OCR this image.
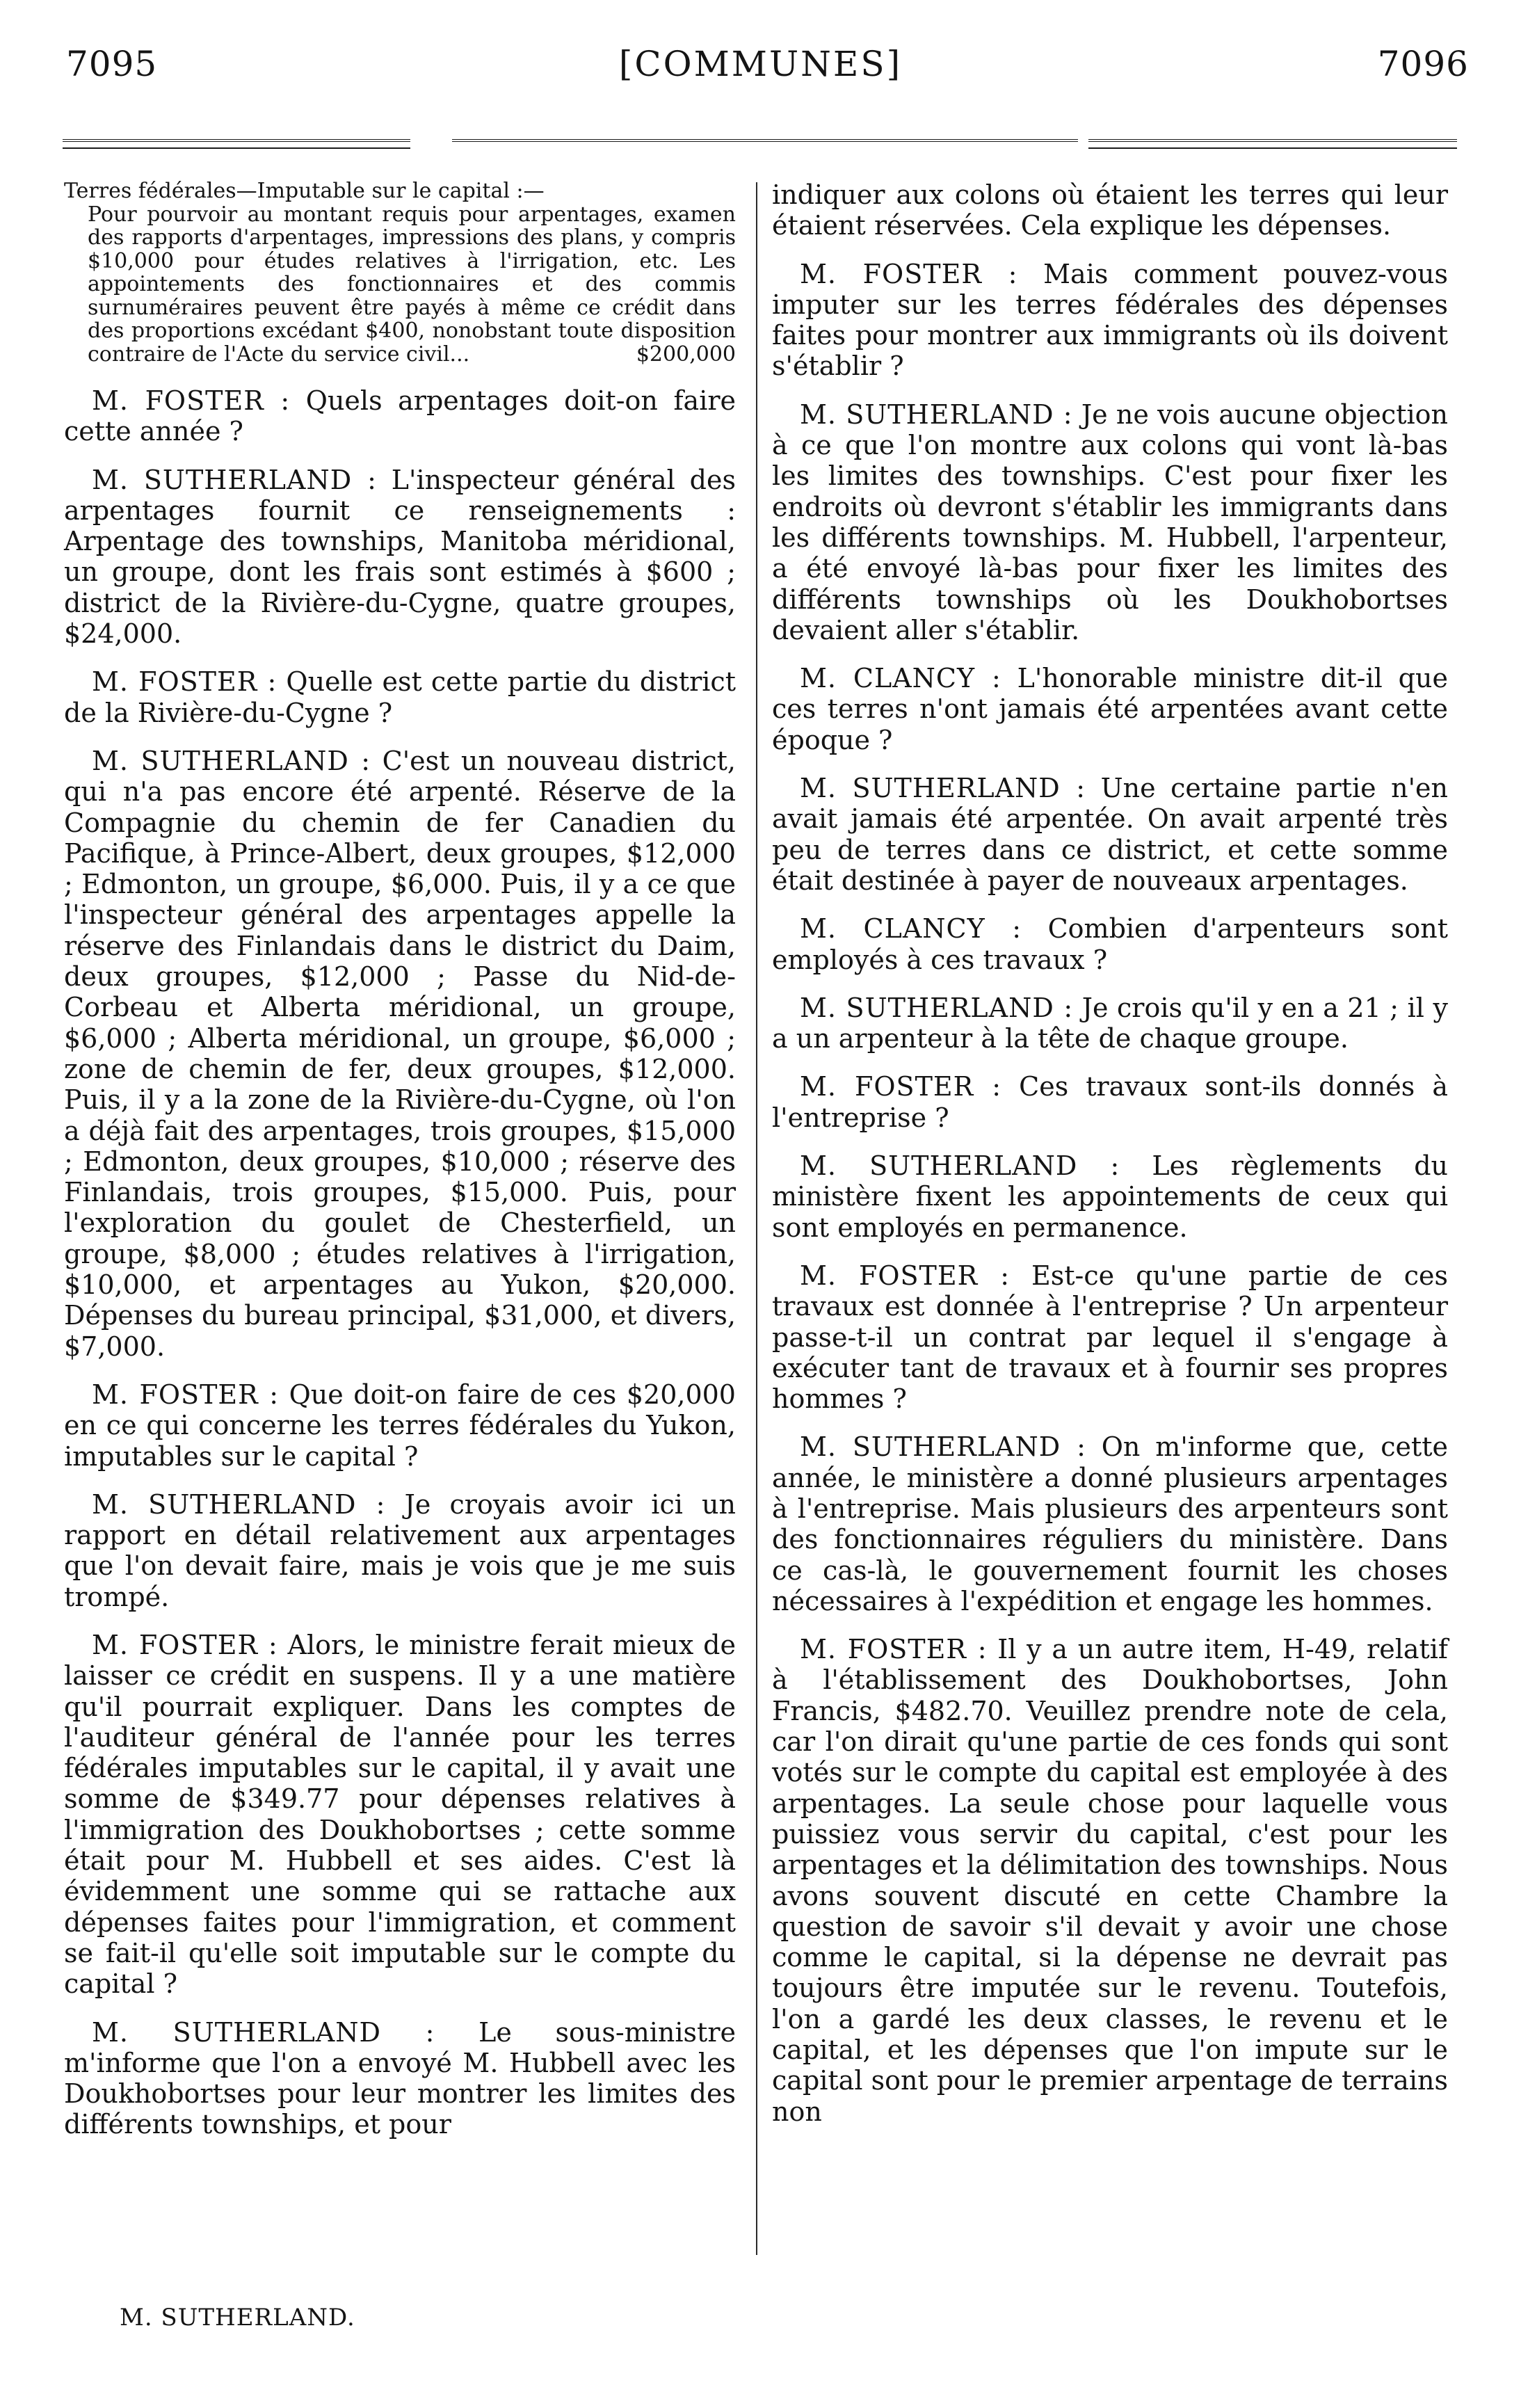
[COMMUNES]
7095	7096
Terres fédérales—Imputable sur le capital :—
Pour pourvoir au montant requis pour arpentages, examen des rapports d'arpentages, impressions des plans, y compris $10,000 pour études relatives à l'irrigation, etc. Les appointements des fonctionnaires et des commis surnuméraires peuvent être payés à même ce crédit dans des proportions excédant $400, nonobstant toute disposition contraire de l'Acte du service civil...	$200,000

M. FOSTER : Quels arpentages doit-on faire cette année ?

M. SUTHERLAND : L'inspecteur général des arpentages fournit ce renseignements : Arpentage des townships, Manitoba méridional, un groupe, dont les frais sont estimés à $600 ; district de la Rivière-du-Cygne, quatre groupes, $24,000.

M. FOSTER : Quelle est cette partie du district de la Rivière-du-Cygne ?

M. SUTHERLAND : C'est un nouveau district, qui n'a pas encore été arpenté. Réserve de la Compagnie du chemin de fer Canadien du Pacifique, à Prince-Albert, deux groupes, $12,000 ; Edmonton, un groupe, $6,000. Puis, il y a ce que l'inspecteur général des arpentages appelle la réserve des Finlandais dans le district du Daim, deux groupes, $12,000 ; Passe du Nid-de-Corbeau et Alberta méridional, un groupe, $6,000 ; Alberta méridional, un groupe, $6,000 ; zone de chemin de fer, deux groupes, $12,000. Puis, il y a la zone de la Rivière-du-Cygne, où l'on a déjà fait des arpentages, trois groupes, $15,000 ; Edmonton, deux groupes, $10,000 ; réserve des Finlandais, trois groupes, $15,000. Puis, pour l'exploration du goulet de Chesterfield, un groupe, $8,000 ; études relatives à l'irrigation, $10,000, et arpentages au Yukon, $20,000. Dépenses du bureau principal, $31,000, et divers, $7,000.

M. FOSTER : Que doit-on faire de ces $20,000 en ce qui concerne les terres fédérales du Yukon, imputables sur le capital ?

M. SUTHERLAND : Je croyais avoir ici un rapport en détail relativement aux arpentages que l'on devait faire, mais je vois que je me suis trompé.

M. FOSTER : Alors, le ministre ferait mieux de laisser ce crédit en suspens. Il y a une matière qu'il pourrait expliquer. Dans les comptes de l'auditeur général de l'année pour les terres fédérales imputables sur le capital, il y avait une somme de $349.77 pour dépenses relatives à l'immigration des Doukhobortses ; cette somme était pour M. Hubbell et ses aides. C'est là évidemment une somme qui se rattache aux dépenses faites pour l'immigration, et comment se fait-il qu'elle soit imputable sur le compte du capital ?

M. SUTHERLAND : Le sous-ministre m'informe que l'on a envoyé M. Hubbell avec les Doukhobortses pour leur montrer les limites des différents townships, et pour

indiquer aux colons où étaient les terres qui leur étaient réservées. Cela explique les dépenses.

M. FOSTER : Mais comment pouvez-vous imputer sur les terres fédérales des dépenses faites pour montrer aux immigrants où ils doivent s'établir ?

M. SUTHERLAND : Je ne vois aucune objection à ce que l'on montre aux colons qui vont là-bas les limites des townships. C'est pour fixer les endroits où devront s'établir les immigrants dans les différents townships. M. Hubbell, l'arpenteur, a été envoyé là-bas pour fixer les limites des différents townships où les Doukhobortses devaient aller s'établir.

M. CLANCY : L'honorable ministre dit-il que ces terres n'ont jamais été arpentées avant cette époque ?

M. SUTHERLAND : Une certaine partie n'en avait jamais été arpentée. On avait arpenté très peu de terres dans ce district, et cette somme était destinée à payer de nouveaux arpentages.

M. CLANCY : Combien d'arpenteurs sont employés à ces travaux ?

M. SUTHERLAND : Je crois qu'il y en a 21 ; il y a un arpenteur à la tête de chaque groupe.

M. FOSTER : Ces travaux sont-ils donnés à l'entreprise ?

M. SUTHERLAND : Les règlements du ministère fixent les appointements de ceux qui sont employés en permanence.

M. FOSTER : Est-ce qu'une partie de ces travaux est donnée à l'entreprise ? Un arpenteur passe-t-il un contrat par lequel il s'engage à exécuter tant de travaux et à fournir ses propres hommes ?

M. SUTHERLAND : On m'informe que, cette année, le ministère a donné plusieurs arpentages à l'entreprise. Mais plusieurs des arpenteurs sont des fonctionnaires réguliers du ministère. Dans ce cas-là, le gouvernement fournit les choses nécessaires à l'expédition et engage les hommes.

M. FOSTER : Il y a un autre item, H-49, relatif à l'établissement des Doukhobortses, John Francis, $482.70. Veuillez prendre note de cela, car l'on dirait qu'une partie de ces fonds qui sont votés sur le compte du capital est employée à des arpentages. La seule chose pour laquelle vous puissiez vous servir du capital, c'est pour les arpentages et la délimitation des townships. Nous avons souvent discuté en cette Chambre la question de savoir s'il devait y avoir une chose comme le capital, si la dépense ne devrait pas toujours être imputée sur le revenu. Toutefois, l'on a gardé les deux classes, le revenu et le capital, et les dépenses que l'on impute sur le capital sont pour le premier arpentage de terrains non

M. SUTHERLAND.
